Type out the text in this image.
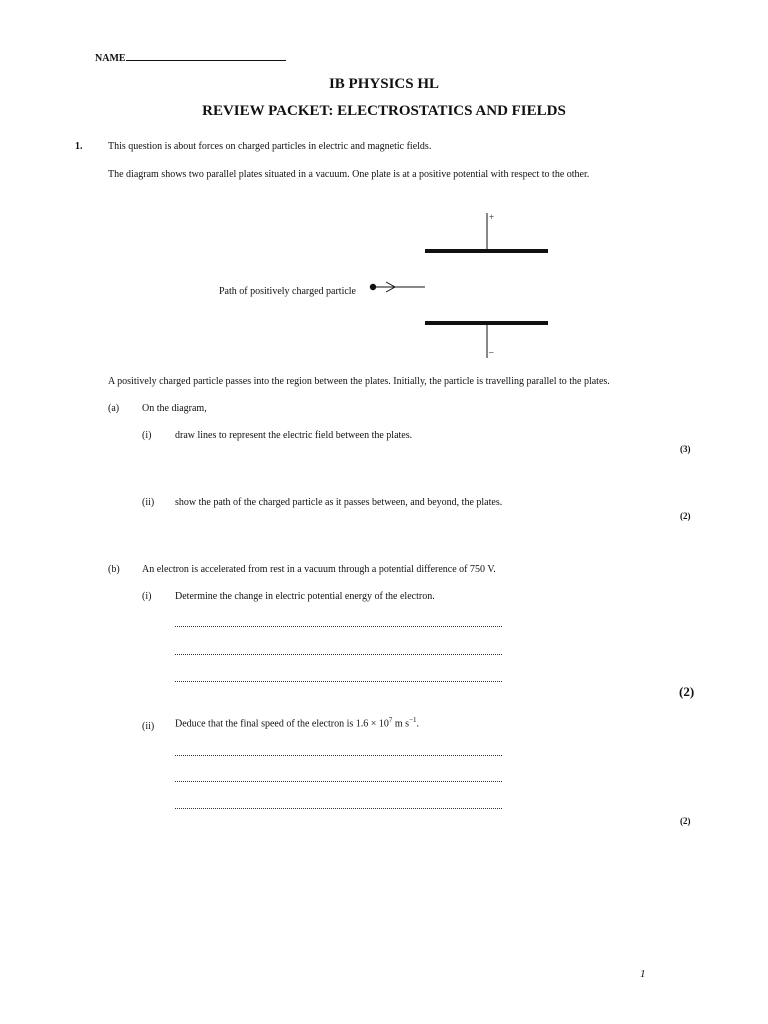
NAME
IB PHYSICS HL
REVIEW PACKET: ELECTROSTATICS AND FIELDS
1.	This question is about forces on charged particles in electric and magnetic fields.
The diagram shows two parallel plates situated in a vacuum. One plate is at a positive potential with respect to the other.
+
–
Path of positively charged particle
A positively charged particle passes into the region between the plates. Initially, the particle is travelling parallel to the plates.
(a) On the diagram,
(i) draw lines to represent the electric field between the plates.
(3)
(ii) show the path of the charged particle as it passes between, and beyond, the plates.
(2)
(b) An electron is accelerated from rest in a vacuum through a potential difference of 750 V.
(i) Determine the change in electric potential energy of the electron.
(2)
(ii) Deduce that the final speed of the electron is $1.6 \times 10^7$ m $s^{-1}$.
(2)
1
